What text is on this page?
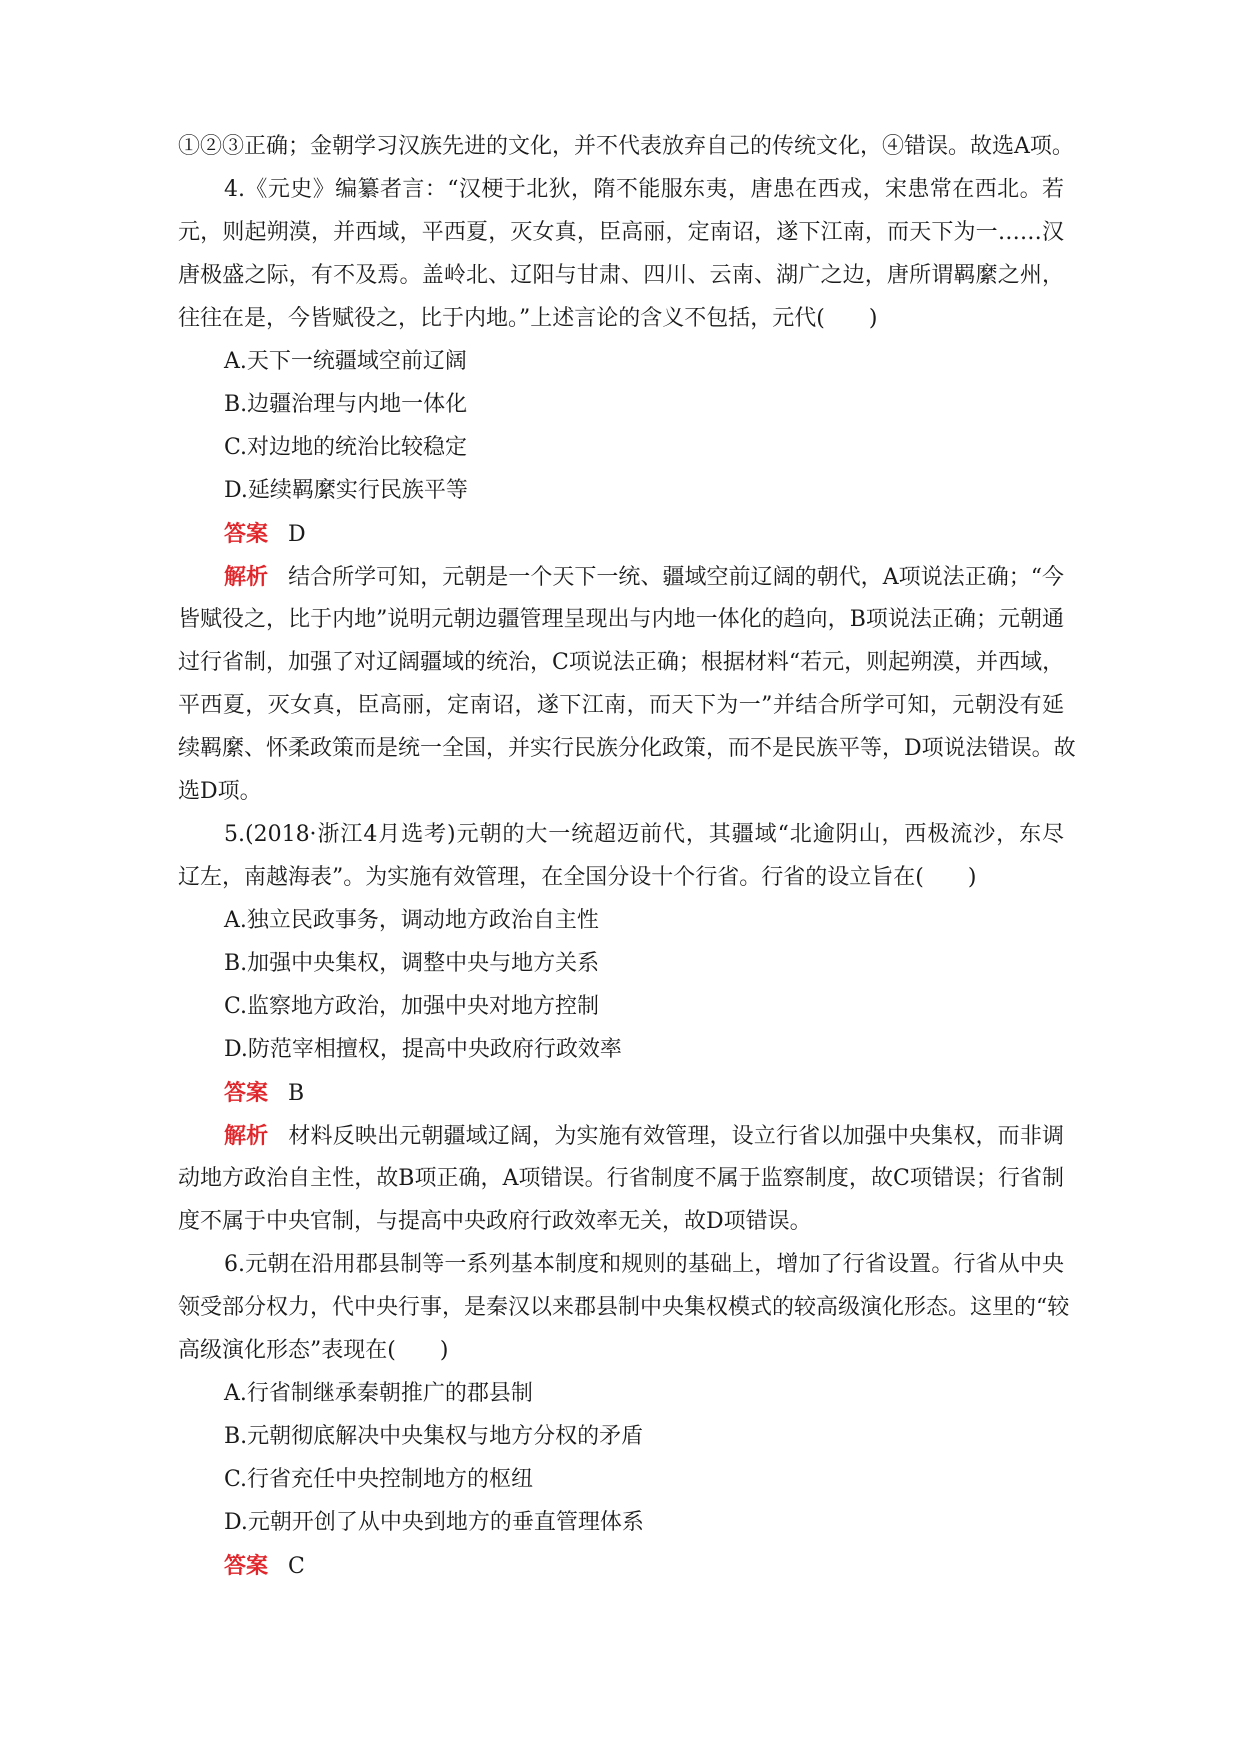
①②③正确；金朝学习汉族先进的文化，并不代表放弃自己的传统文化，④错误。故选A项。
4.《元史》编纂者言：“汉梗于北狄，隋不能服东夷，唐患在西戎，宋患常在西北。若
元，则起朔漠，并西域，平西夏，灭女真，臣高丽，定南诏，遂下江南，而天下为一……汉
唐极盛之际，有不及焉。盖岭北、辽阳与甘肃、四川、云南、湖广之边，唐所谓羁縻之州，
往往在是，今皆赋役之，比于内地。”上述言论的含义不包括，元代(　　)
A.天下一统疆域空前辽阔
B.边疆治理与内地一体化
C.对边地的统治比较稳定
D.延续羁縻实行民族平等
答案 D
解析 结合所学可知，元朝是一个天下一统、疆域空前辽阔的朝代，A项说法正确；“今
皆赋役之，比于内地”说明元朝边疆管理呈现出与内地一体化的趋向，B项说法正确；元朝通
过行省制，加强了对辽阔疆域的统治，C项说法正确；根据材料“若元，则起朔漠，并西域，
平西夏，灭女真，臣高丽，定南诏，遂下江南，而天下为一”并结合所学可知，元朝没有延
续羁縻、怀柔政策而是统一全国，并实行民族分化政策，而不是民族平等，D项说法错误。故
选D项。
5.(2018·浙江4月选考)元朝的大一统超迈前代，其疆域“北逾阴山，西极流沙，东尽
辽左，南越海表”。为实施有效管理，在全国分设十个行省。行省的设立旨在(　　)
A.独立民政事务，调动地方政治自主性
B.加强中央集权，调整中央与地方关系
C.监察地方政治，加强中央对地方控制
D.防范宰相擅权，提高中央政府行政效率
答案 B
解析 材料反映出元朝疆域辽阔，为实施有效管理，设立行省以加强中央集权，而非调
动地方政治自主性，故B项正确，A项错误。行省制度不属于监察制度，故C项错误；行省制
度不属于中央官制，与提高中央政府行政效率无关，故D项错误。
6.元朝在沿用郡县制等一系列基本制度和规则的基础上，增加了行省设置。行省从中央
领受部分权力，代中央行事，是秦汉以来郡县制中央集权模式的较高级演化形态。这里的“较
高级演化形态”表现在(　　)
A.行省制继承秦朝推广的郡县制
B.元朝彻底解决中央集权与地方分权的矛盾
C.行省充任中央控制地方的枢纽
D.元朝开创了从中央到地方的垂直管理体系
答案 C
